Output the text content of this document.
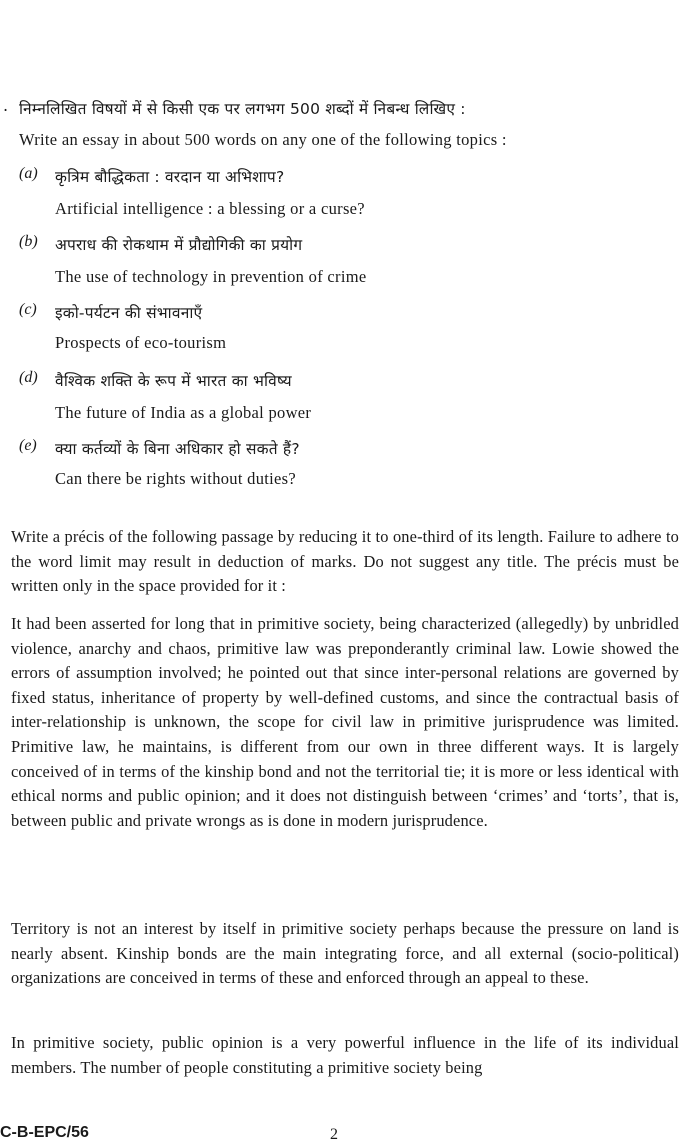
. निम्नलिखित विषयों में से किसी एक पर लगभग 500 शब्दों में निबन्ध लिखिए :
Write an essay in about 500 words on any one of the following topics :
(a) कृत्रिम बौद्धिकता : वरदान या अभिशाप?
Artificial intelligence : a blessing or a curse?
(b) अपराध की रोकथाम में प्रौद्योगिकी का प्रयोग
The use of technology in prevention of crime
(c) इको-पर्यटन की संभावनाएँ
Prospects of eco-tourism
(d) वैश्विक शक्ति के रूप में भारत का भविष्य
The future of India as a global power
(e) क्या कर्तव्यों के बिना अधिकार हो सकते हैं?
Can there be rights without duties?
Write a précis of the following passage by reducing it to one-third of its length. Failure to adhere to the word limit may result in deduction of marks. Do not suggest any title. The précis must be written only in the space provided for it :
It had been asserted for long that in primitive society, being characterized (allegedly) by unbridled violence, anarchy and chaos, primitive law was preponderantly criminal law. Lowie showed the errors of assumption involved; he pointed out that since inter-personal relations are governed by fixed status, inheritance of property by well-defined customs, and since the contractual basis of inter-relationship is unknown, the scope for civil law in primitive jurisprudence was limited. Primitive law, he maintains, is different from our own in three different ways. It is largely conceived of in terms of the kinship bond and not the territorial tie; it is more or less identical with ethical norms and public opinion; and it does not distinguish between ‘crimes’ and ‘torts’, that is, between public and private wrongs as is done in modern jurisprudence.
Territory is not an interest by itself in primitive society perhaps because the pressure on land is nearly absent. Kinship bonds are the main integrating force, and all external (socio-political) organizations are conceived in terms of these and enforced through an appeal to these.
In primitive society, public opinion is a very powerful influence in the life of its individual members. The number of people constituting a primitive society being
C-B-EPC/56	2
